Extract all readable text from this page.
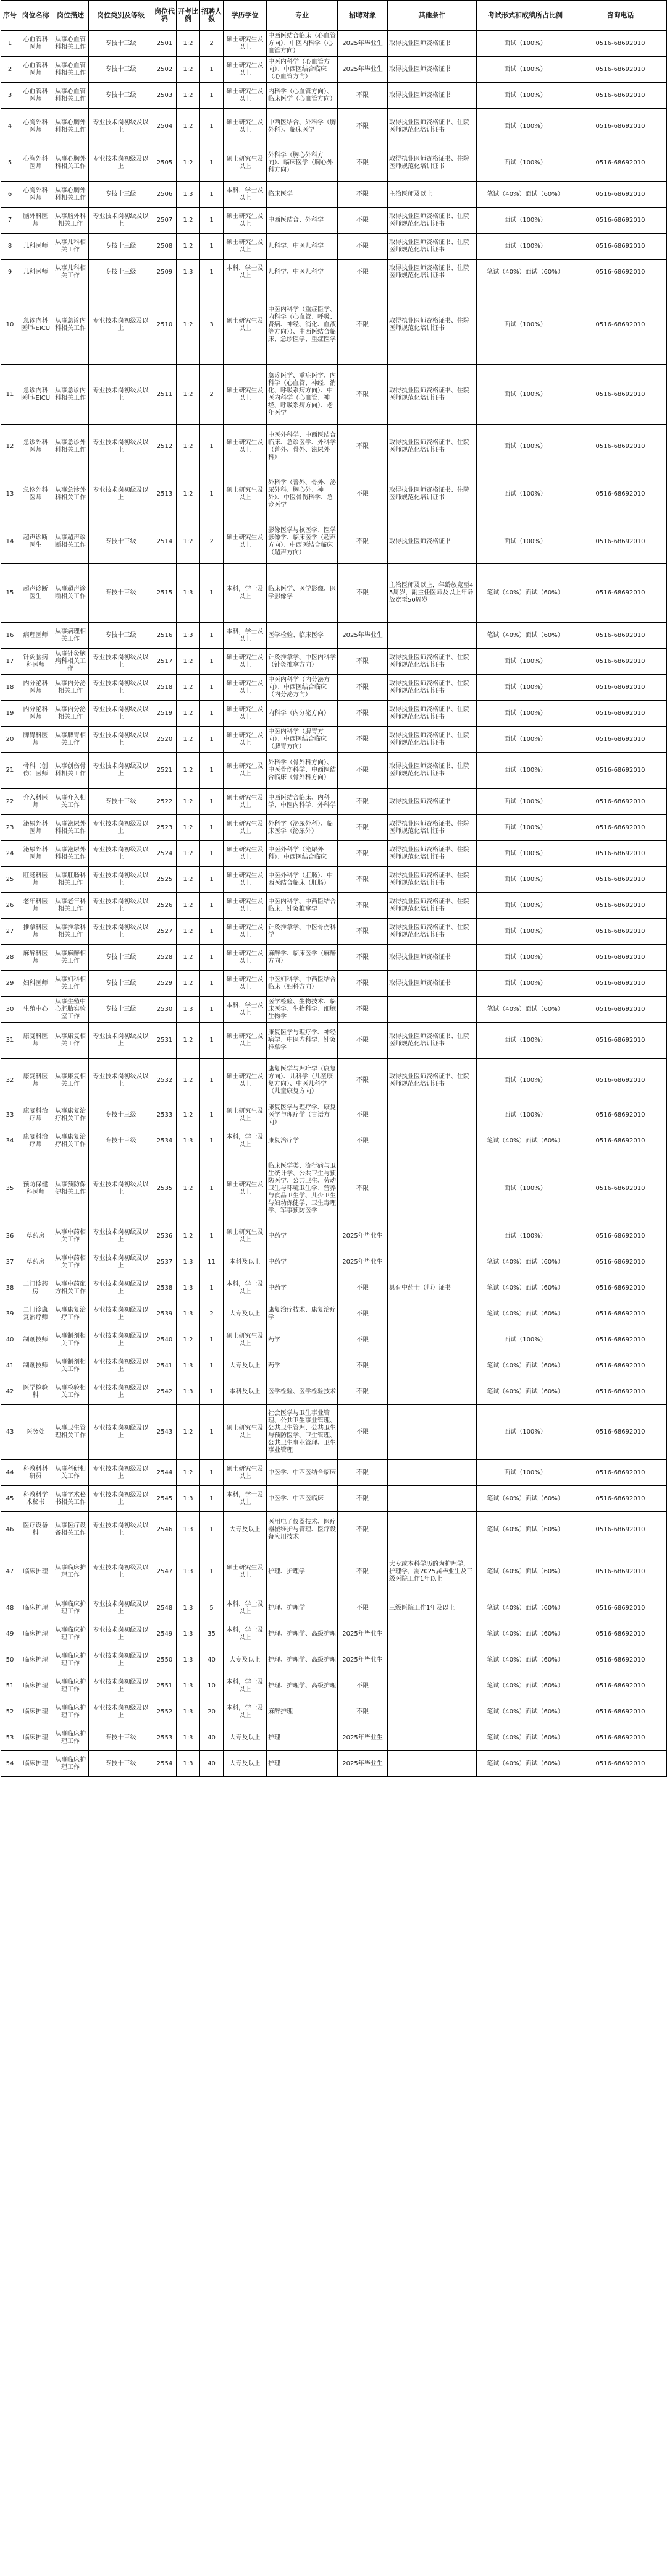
序号	岗位名称	岗位描述	岗位类别及等级	岗位代码	开考比例	招聘人数	学历学位	专业	招聘对象	其他条件	考试形式和成绩所占比例	咨询电话
1	心血管科医师	从事心血管科相关工作	专技十三级	2501	1:2	2	硕士研究生及以上	中西医结合临床（心血管方向）、中医内科学（心血管方向）	2025年毕业生	取得执业医师资格证书	面试（100%）	0516-68692010
2	心血管科医师	从事心血管科相关工作	专技十三级	2502	1:2	1	硕士研究生及以上	中医内科学（心血管方向）、中西医结合临床（心血管方向）	2025年毕业生	取得执业医师资格证书	面试（100%）	0516-68692010
3	心血管科医师	从事心血管科相关工作	专技十三级	2503	1:2	1	硕士研究生及以上	内科学（心血管方向）、临床医学（心血管方向）	不限	取得执业医师资格证书	面试（100%）	0516-68692010
4	心胸外科医师	从事心胸外科相关工作	专业技术岗初级及以上	2504	1:2	1	硕士研究生及以上	中西医结合、外科学（胸外科）、临床医学	不限	取得执业医师资格证书、住院医师规范化培训证书	面试（100%）	0516-68692010
5	心胸外科医师	从事心胸外科相关工作	专业技术岗初级及以上	2505	1:2	1	硕士研究生及以上	外科学（胸心外科方向）、临床医学（胸心外科方向）	不限	取得执业医师资格证书、住院医师规范化培训证书	面试（100%）	0516-68692010
6	心胸外科医师	从事心胸外科相关工作	专技十三级	2506	1:3	1	本科，学士及以上	临床医学	不限	主治医师及以上	笔试（40%）面试（60%）	0516-68692010
7	脑外科医师	从事脑外科相关工作	专业技术岗初级及以上	2507	1:2	1	硕士研究生及以上	中西医结合、外科学	不限	取得执业医师资格证书、住院医师规范化培训证书	面试（100%）	0516-68692010
8	儿科医师	从事儿科相关工作	专技十三级	2508	1:2	1	硕士研究生及以上	儿科学、中医儿科学	不限	取得执业医师资格证书、住院医师规范化培训证书	面试（100%）	0516-68692010
9	儿科医师	从事儿科相关工作	专技十三级	2509	1:3	1	本科，学士及以上	儿科学、中医儿科学	不限	取得执业医师资格证书、住院医师规范化培训证书	笔试（40%）面试（60%）	0516-68692010
10	急诊内科医师-EICU	从事急诊内科相关工作	专业技术岗初级及以上	2510	1:2	3	硕士研究生及以上	中医内科学（重症医学、内科学（心血管、呼吸、肾病、神经、消化、血液等方向））、中西医结合临床、急诊医学、重症医学	不限	取得执业医师资格证书、住院医师规范化培训证书	面试（100%）	0516-68692010
11	急诊内科医师-EICU	从事急诊内科相关工作	专业技术岗初级及以上	2511	1:2	2	硕士研究生及以上	急诊医学、重症医学、内科学（心血管、神经、消化、呼吸系病方向）、中医内科学（心血管、神经、呼吸系病方向）、老年医学	不限	取得执业医师资格证书、住院医师规范化培训证书	面试（100%）	0516-68692010
12	急诊外科医师	从事急诊外科相关工作	专业技术岗初级及以上	2512	1:2	1	硕士研究生及以上	中医外科学、中西医结合临床、急诊医学、外科学（普外、骨外、泌尿外科）	不限	取得执业医师资格证书、住院医师规范化培训证书	面试（100%）	0516-68692010
13	急诊外科医师	从事急诊外科相关工作	专业技术岗初级及以上	2513	1:2	1	硕士研究生及以上	外科学（普外、骨外、泌尿外科、胸心外、神外）、中医骨伤科学、急诊医学	不限	取得执业医师资格证书、住院医师规范化培训证书	面试（100%）	0516-68692010
14	超声诊断医生	从事超声诊断相关工作	专技十三级	2514	1:2	2	硕士研究生及以上	影像医学与核医学、医学影像学、临床医学（超声方向）、中西医结合临床（超声方向）	不限	取得执业医师资格证书	面试（100%）	0516-68692010
15	超声诊断医生	从事超声诊断相关工作	专技十三级	2515	1:3	1	本科，学士及以上	临床医学、医学影像、医学影像学	不限	主治医师及以上，年龄放宽至45周岁，副主任医师及以上年龄放宽至50周岁	笔试（40%）面试（60%）	0516-68692010
16	病理医师	从事病理相关工作	专技十三级	2516	1:3	1	本科，学士及以上	医学检验、临床医学	2025年毕业生		笔试（40%）面试（60%）	0516-68692010
17	针灸脑病科医师	从事针灸脑病科相关工作	专业技术岗初级及以上	2517	1:2	1	硕士研究生及以上	针灸推拿学、中医内科学（针灸推拿方向）	不限	取得执业医师资格证书、住院医师规范化培训证书	面试（100%）	0516-68692010
18	内分泌科医师	从事内分泌相关工作	专业技术岗初级及以上	2518	1:2	1	硕士研究生及以上	中医内科学（内分泌方向）、中西医结合临床（内分泌方向）	不限	取得执业医师资格证书、住院医师规范化培训证书	面试（100%）	0516-68692010
19	内分泌科医师	从事内分泌相关工作	专业技术岗初级及以上	2519	1:2	1	硕士研究生及以上	内科学（内分泌方向）	不限	取得执业医师资格证书、住院医师规范化培训证书	面试（100%）	0516-68692010
20	脾胃科医师	从事脾胃相关工作	专业技术岗初级及以上	2520	1:2	1	硕士研究生及以上	中医内科学（脾胃方向）、中西医结合临床（脾胃方向）	不限	取得执业医师资格证书、住院医师规范化培训证书	面试（100%）	0516-68692010
21	骨科（创伤）医师	从事创伤骨科相关工作	专业技术岗初级及以上	2521	1:2	1	硕士研究生及以上	外科学（骨外科方向）、中医骨伤科学、中西医结合临床（骨外科方向）	不限	取得执业医师资格证书、住院医师规范化培训证书	面试（100%）	0516-68692010
22	介入科医师	从事介入相关工作	专技十三级	2522	1:2	1	硕士研究生及以上	中西医结合临床、内科学、中医内科学、外科学	不限	取得执业医师资格证书	面试（100%）	0516-68692010
23	泌尿外科医师	从事泌尿外科相关工作	专业技术岗初级及以上	2523	1:2	1	硕士研究生及以上	外科学（泌尿外科）、临床医学（泌尿外）	不限	取得执业医师资格证书、住院医师规范化培训证书	面试（100%）	0516-68692010
24	泌尿外科医师	从事泌尿外科相关工作	专业技术岗初级及以上	2524	1:2	1	硕士研究生及以上	中医外科学（泌尿外科）、中西医结合临床	不限	取得执业医师资格证书、住院医师规范化培训证书	面试（100%）	0516-68692010
25	肛肠科医师	从事肛肠科相关工作	专业技术岗初级及以上	2525	1:2	1	硕士研究生及以上	中医外科学（肛肠）、中西医结合临床（肛肠）	不限	取得执业医师资格证书、住院医师规范化培训证书	面试（100%）	0516-68692010
26	老年科医师	从事老年科相关工作	专业技术岗初级及以上	2526	1:2	1	硕士研究生及以上	中医内科学、中西医结合临床、针灸推拿学	不限	取得执业医师资格证书、住院医师规范化培训证书	面试（100%）	0516-68692010
27	推拿科医师	从事推拿科相关工作	专业技术岗初级及以上	2527	1:2	1	硕士研究生及以上	针灸推拿学、中医骨伤科学	不限	取得执业医师资格证书、住院医师规范化培训证书	面试（100%）	0516-68692010
28	麻醉科医师	从事麻醉相关工作	专技十三级	2528	1:2	1	硕士研究生及以上	麻醉学、临床医学（麻醉方向）	不限	取得执业医师资格证书	面试（100%）	0516-68692010
29	妇科医师	从事妇科相关工作	专技十三级	2529	1:2	1	硕士研究生及以上	中医妇科学、中西医结合临床（妇科方向）	不限	取得执业医师资格证书	面试（100%）	0516-68692010
30	生殖中心	从事生殖中心胚胎实验室工作	专技十三级	2530	1:3	1	本科，学士及以上	医学检验、生物技术、临床医学、生物科学、细胞生物学	不限		笔试（40%）面试（60%）	0516-68692010
31	康复科医师	从事康复相关工作	专业技术岗初级及以上	2531	1:2	1	硕士研究生及以上	康复医学与理疗学、神经病学、中医内科学、针灸推拿学	不限	取得执业医师资格证书、住院医师规范化培训证书	面试（100%）	0516-68692010
32	康复科医师	从事康复相关工作	专业技术岗初级及以上	2532	1:2	1	硕士研究生及以上	康复医学与理疗学（康复方向）、儿科学（儿童康复方向）、中医儿科学（儿童康复方向）	不限	取得执业医师资格证书、住院医师规范化培训证书	面试（100%）	0516-68692010
33	康复科治疗师	从事康复治疗相关工作	专技十三级	2533	1:2	1	硕士研究生及以上	康复医学与理疗学、康复医学与理疗学（言语方向）	不限		面试（100%）	0516-68692010
34	康复科治疗师	从事康复治疗相关工作	专技十三级	2534	1:3	1	本科，学士及以上	康复治疗学	不限		笔试（40%）面试（60%）	0516-68692010
35	预防保健科医师	从事预防保健相关工作	专业技术岗初级及以上	2535	1:2	1	硕士研究生及以上	临床医学类、流行病与卫生统计学、公共卫生与预防医学、公共卫生、劳动卫生与环境卫生学、营养与食品卫生学、儿少卫生与妇幼保健学、卫生毒理学、军事预防医学	不限		面试（100%）	0516-68692010
36	草药房	从事中药相关工作	专业技术岗初级及以上	2536	1:2	1	硕士研究生及以上	中药学	2025年毕业生		面试（100%）	0516-68692010
37	草药房	从事中药相关工作	专业技术岗初级及以上	2537	1:3	11	本科及以上	中药学	2025年毕业生		笔试（40%）面试（60%）	0516-68692010
38	二门诊药房	从事中药配方相关工作	专业技术岗初级及以上	2538	1:3	1	本科，学士及以上	中药学	不限	具有中药士（师）证书	笔试（40%）面试（60%）	0516-68692010
39	二门诊康复治疗师	从事康复治疗工作	专业技术岗初级及以上	2539	1:3	2	大专及以上	康复治疗技术、康复治疗学	不限		笔试（40%）面试（60%）	0516-68692010
40	制剂技师	从事制剂相关工作	专业技术岗初级及以上	2540	1:2	1	硕士研究生及以上	药学	不限		面试（100%）	0516-68692010
41	制剂技师	从事制剂相关工作	专业技术岗初级及以上	2541	1:3	1	大专及以上	药学	不限		笔试（40%）面试（60%）	0516-68692010
42	医学检验科	从事检验相关工作	专业技术岗初级及以上	2542	1:3	1	本科及以上	医学检验、医学检验技术	不限		笔试（40%）面试（60%）	0516-68692010
43	医务处	从事卫生管理相关工作	专业技术岗初级及以上	2543	1:2	1	硕士研究生及以上	社会医学与卫生事业管理、公共卫生事业管理、公共卫生管理、公共卫生与预防医学、卫生管理、公共卫生事业管理、卫生事业管理	不限		面试（100%）	0516-68692010
44	科教科科研员	从事科研相关工作	专业技术岗初级及以上	2544	1:2	1	硕士研究生及以上	中医学、中西医结合临床	不限		面试（100%）	0516-68692010
45	科教科学术秘书	从事学术秘书相关工作	专业技术岗初级及以上	2545	1:3	1	本科，学士及以上	中医学、中西医临床	不限		笔试（40%）面试（60%）	0516-68692010
46	医疗设备科	从事医疗设备相关工作	专业技术岗初级及以上	2546	1:3	1	大专及以上	医用电子仪器技术、医疗器械维护与管理、医疗设备应用技术	不限		笔试（40%）面试（60%）	0516-68692010
47	临床护理	从事临床护理工作	专业技术岗初级及以上	2547	1:3	1	硕士研究生及以上	护理、护理学	不限	大专或本科学历的为护理学，护理学，需2025届毕业生及三级医院工作1年以上	笔试（40%）面试（60%）	0516-68692010
48	临床护理	从事临床护理工作	专业技术岗初级及以上	2548	1:3	5	本科，学士及以上	护理、护理学	不限	三级医院工作1年及以上	笔试（40%）面试（60%）	0516-68692010
49	临床护理	从事临床护理工作	专业技术岗初级及以上	2549	1:3	35	本科，学士及以上	护理、护理学、高级护理	2025年毕业生		笔试（40%）面试（60%）	0516-68692010
50	临床护理	从事临床护理工作	专业技术岗初级及以上	2550	1:3	40	大专及以上	护理、护理学、高级护理	2025年毕业生		笔试（40%）面试（60%）	0516-68692010
51	临床护理	从事临床护理工作	专业技术岗初级及以上	2551	1:3	10	本科，学士及以上	护理、护理学、高级护理	不限		笔试（40%）面试（60%）	0516-68692010
52	临床护理	从事临床护理工作	专业技术岗初级及以上	2552	1:3	20	本科，学士及以上	麻醉护理	不限		笔试（40%）面试（60%）	0516-68692010
53	临床护理	从事临床护理工作	专技十三级	2553	1:3	40	大专及以上	护理	2025年毕业生		笔试（40%）面试（60%）	0516-68692010
54	临床护理	从事临床护理工作	专技十三级	2554	1:3	40	大专及以上	护理	2025年毕业生		笔试（40%）面试（60%）	0516-68692010
